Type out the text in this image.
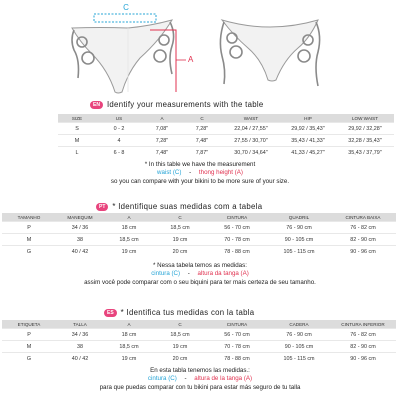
C
A
EN Identify your measurements with the table
SIZE	US	A	C	WAIST	HIP	LOW WAIST
S	0 - 2	7,08"	7,28"	22,04 / 27,55"	29,92 / 35,43"	29,92 / 32,28"
M	4	7,28"	7,48"	27,55 / 30,70"	35,43 / 41,33"	32,28 / 35,43"
L	6 - 8	7,48"	7,87"	30,70 / 34,64"	41,33 / 45,27"	35,43 / 37,79"
* In this table we have the measurement
waist (C) - thong height (A)
so you can compare with your bikini to be more sure of your size.
PT * Identifique suas medidas com a tabela
TAMANHO	MANEQUIM	A	C	CINTURA	QUADRIL	CINTURA BAIXA
P	34 / 36	18 cm	18,5 cm	56 - 70 cm	76 - 90 cm	76 - 82 cm
M	38	18,5 cm	19 cm	70 - 78 cm	90 - 105 cm	82 - 90 cm
G	40 / 42	19 cm	20 cm	78 - 88 cm	105 - 115 cm	90 - 96 cm
* Nessa tabela temos as medidas:
cintura (C) - altura da tanga (A)
assim você pode comparar com o seu biquini para ter mais certeza de seu tamanho.
ES * Identifica tus medidas con la tabla
ETIQUETA	TALLA	A	C	CINTURA	CADERA	CINTURA INFERIOR
P	34 / 36	18 cm	18,5 cm	56 - 70 cm	76 - 90 cm	76 - 82 cm
M	38	18,5 cm	19 cm	70 - 78 cm	90 - 105 cm	82 - 90 cm
G	40 / 42	19 cm	20 cm	78 - 88 cm	105 - 115 cm	90 - 96 cm
En esta tabla tenemos las medidas.:
cintura (C) - altura de la tanga (A)
para que puedas comparar con tu bikini para estar más seguro de tu talla
